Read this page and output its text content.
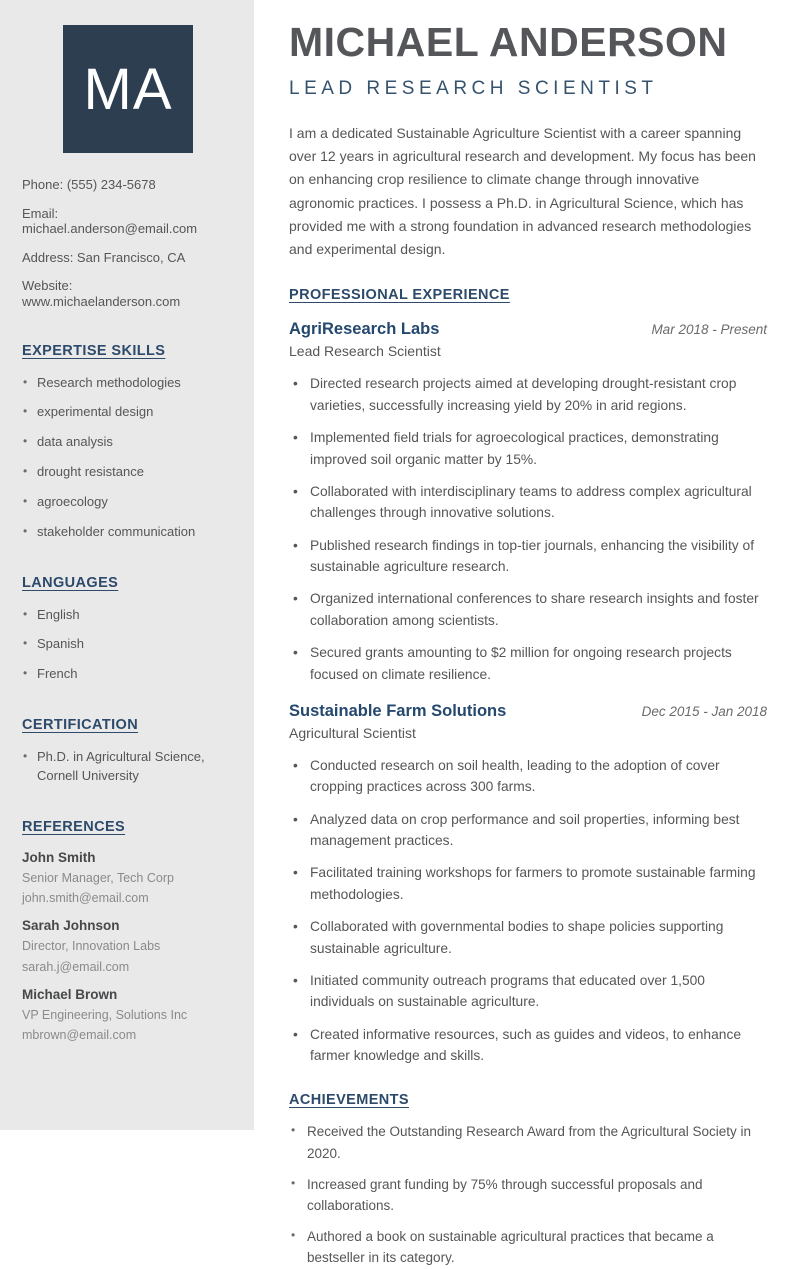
MA
Phone: (555) 234-5678
Email: michael.anderson@email.com
Address: San Francisco, CA
Website: www.michaelanderson.com
EXPERTISE SKILLS
• Research methodologies
• experimental design
• data analysis
• drought resistance
• agroecology
• stakeholder communication
LANGUAGES
• English
• Spanish
• French
CERTIFICATION
• Ph.D. in Agricultural Science, Cornell University
REFERENCES
John Smith
Senior Manager, Tech Corp
john.smith@email.com
Sarah Johnson
Director, Innovation Labs
sarah.j@email.com
Michael Brown
VP Engineering, Solutions Inc
mbrown@email.com
MICHAEL ANDERSON
LEAD RESEARCH SCIENTIST

I am a dedicated Sustainable Agriculture Scientist with a career spanning over 12 years in agricultural research and development. My focus has been on enhancing crop resilience to climate change through innovative agronomic practices. I possess a Ph.D. in Agricultural Science, which has provided me with a strong foundation in advanced research methodologies and experimental design.

PROFESSIONAL EXPERIENCE
AgriResearch Labs	Mar 2018 - Present
Lead Research Scientist
• Directed research projects aimed at developing drought-resistant crop varieties, successfully increasing yield by 20% in arid regions.
• Implemented field trials for agroecological practices, demonstrating improved soil organic matter by 15%.
• Collaborated with interdisciplinary teams to address complex agricultural challenges through innovative solutions.
• Published research findings in top-tier journals, enhancing the visibility of sustainable agriculture research.
• Organized international conferences to share research insights and foster collaboration among scientists.
• Secured grants amounting to $2 million for ongoing research projects focused on climate resilience.
Sustainable Farm Solutions	Dec 2015 - Jan 2018
Agricultural Scientist
• Conducted research on soil health, leading to the adoption of cover cropping practices across 300 farms.
• Analyzed data on crop performance and soil properties, informing best management practices.
• Facilitated training workshops for farmers to promote sustainable farming methodologies.
• Collaborated with governmental bodies to shape policies supporting sustainable agriculture.
• Initiated community outreach programs that educated over 1,500 individuals on sustainable agriculture.
• Created informative resources, such as guides and videos, to enhance farmer knowledge and skills.
ACHIEVEMENTS
• Received the Outstanding Research Award from the Agricultural Society in 2020.
• Increased grant funding by 75% through successful proposals and collaborations.
• Authored a book on sustainable agricultural practices that became a bestseller in its category.
